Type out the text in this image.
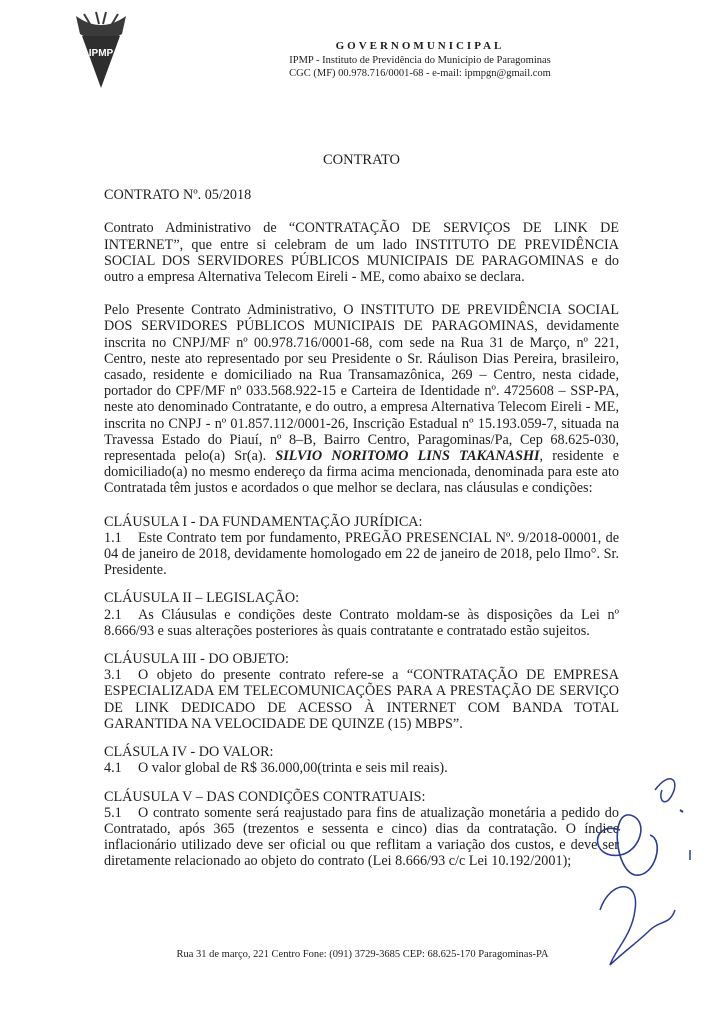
IPMP
GOVERNOMUNICIPAL
IPMP - Instituto de Previdência do Município de Paragominas
CGC (MF) 00.978.716/0001-68 - e-mail: ipmpgn@gmail.com
CONTRATO
CONTRATO Nº. 05/2018
Contrato Administrativo de “CONTRATAÇÃO DE SERVIÇOS DE LINK DE INTERNET”, que entre si celebram de um lado INSTITUTO DE PREVIDÊNCIA SOCIAL DOS SERVIDORES PÚBLICOS MUNICIPAIS DE PARAGOMINAS e do outro a empresa Alternativa Telecom Eireli - ME, como abaixo se declara.
Pelo Presente Contrato Administrativo, O INSTITUTO DE PREVIDÊNCIA SOCIAL DOS SERVIDORES PÚBLICOS MUNICIPAIS DE PARAGOMINAS, devidamente inscrita no CNPJ/MF nº 00.978.716/0001-68, com sede na Rua 31 de Março, nº 221, Centro, neste ato representado por seu Presidente o Sr. Ráulison Dias Pereira, brasileiro, casado, residente e domiciliado na Rua Transamazônica, 269 – Centro, nesta cidade, portador do CPF/MF nº 033.568.922-15 e Carteira de Identidade nº. 4725608 – SSP-PA, neste ato denominado Contratante, e do outro, a empresa Alternativa Telecom Eireli - ME, inscrita no CNPJ - nº 01.857.112/0001-26, Inscrição Estadual nº 15.193.059-7, situada na Travessa Estado do Piauí, nº 8–B, Bairro Centro, Paragominas/Pa, Cep 68.625-030, representada pelo(a) Sr(a). SILVIO NORITOMO LINS TAKANASHI, residente e domiciliado(a) no mesmo endereço da firma acima mencionada, denominada para este ato Contratada têm justos e acordados o que melhor se declara, nas cláusulas e condições:
CLÁUSULA I - DA FUNDAMENTAÇÃO JURÍDICA:
1.1 Este Contrato tem por fundamento, PREGÃO PRESENCIAL Nº. 9/2018-00001, de 04 de janeiro de 2018, devidamente homologado em 22 de janeiro de 2018, pelo Ilmo°. Sr. Presidente.
CLÁUSULA II – LEGISLAÇÃO:
2.1 As Cláusulas e condições deste Contrato moldam-se às disposições da Lei nº 8.666/93 e suas alterações posteriores às quais contratante e contratado estão sujeitos.
CLÁUSULA III - DO OBJETO:
3.1 O objeto do presente contrato refere-se a “CONTRATAÇÃO DE EMPRESA ESPECIALIZADA EM TELECOMUNICAÇÕES PARA A PRESTAÇÃO DE SERVIÇO DE LINK DEDICADO DE ACESSO À INTERNET COM BANDA TOTAL GARANTIDA NA VELOCIDADE DE QUINZE (15) MBPS”.
CLÁSULA IV - DO VALOR:
4.1 O valor global de R$ 36.000,00(trinta e seis mil reais).
CLÁUSULA V – DAS CONDIÇÕES CONTRATUAIS:
5.1 O contrato somente será reajustado para fins de atualização monetária a pedido do Contratado, após 365 (trezentos e sessenta e cinco) dias da contratação. O índice inflacionário utilizado deve ser oficial ou que reflitam a variação dos custos, e deve ser diretamente relacionado ao objeto do contrato (Lei 8.666/93 c/c Lei 10.192/2001);
Rua 31 de março, 221 Centro Fone: (091) 3729-3685 CEP: 68.625-170 Paragominas-PA
